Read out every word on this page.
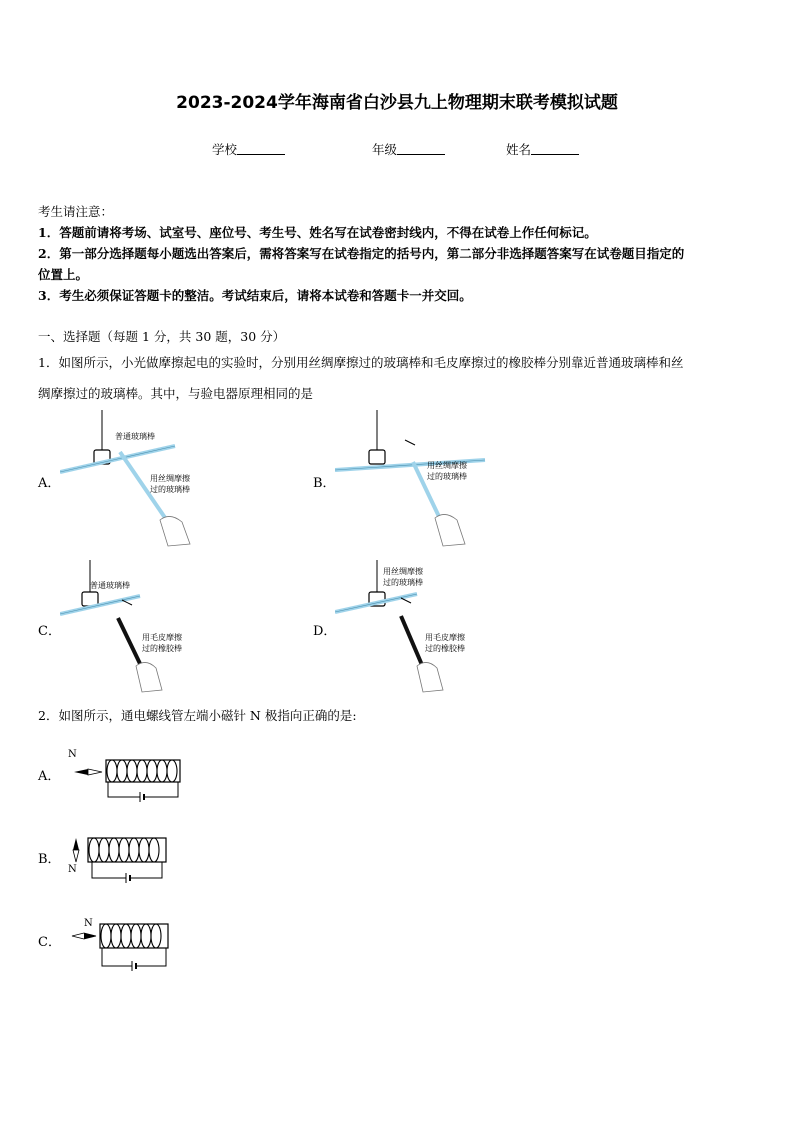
2023-2024学年海南省白沙县九上物理期末联考模拟试题
学校	年级	姓名
考生请注意：
1．答题前请将考场、试室号、座位号、考生号、姓名写在试卷密封线内，不得在试卷上作任何标记。
2．第一部分选择题每小题选出答案后，需将答案写在试卷指定的括号内，第二部分非选择题答案写在试卷题目指定的
位置上。
3．考生必须保证答题卡的整洁。考试结束后，请将本试卷和答题卡一并交回。
一、选择题（每题 1 分，共 30 题，30 分）
1．如图所示，小光做摩擦起电的实验时，分别用丝绸摩擦过的玻璃棒和毛皮摩擦过的橡胶棒分别靠近普通玻璃棒和丝
绸摩擦过的玻璃棒。其中，与验电器原理相同的是
A．	B．
C．	D．
普通玻璃棒
用丝绸摩擦
过的玻璃棒
用丝绸摩擦
过的玻璃棒
普通玻璃棒
用毛皮摩擦
过的橡胶棒
用丝绸摩擦
过的玻璃棒
用毛皮摩擦
过的橡胶棒
2．如图所示，通电螺线管左端小磁针 N 极指向正确的是:
A．
B．
C．
N
N
N
